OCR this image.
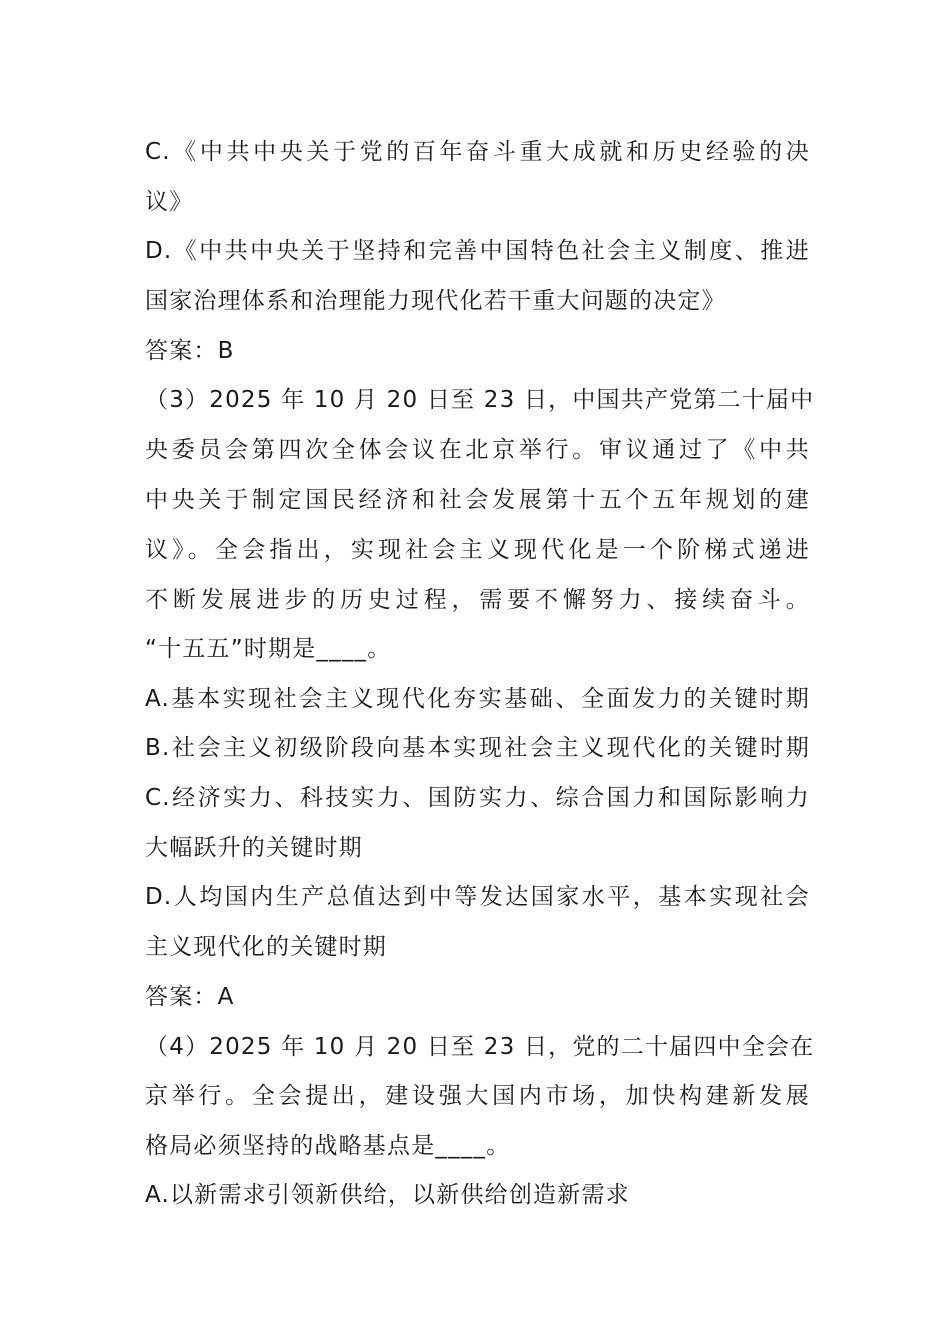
C.《中共中央关于党的百年奋斗重大成就和历史经验的决
议》
D.《中共中央关于坚持和完善中国特色社会主义制度、推进
国家治理体系和治理能力现代化若干重大问题的决定》
答案：B
（3）2025 年 10 月 20 日至 23 日，中国共产党第二十届中
央委员会第四次全体会议在北京举行。审议通过了《中共
中央关于制定国民经济和社会发展第十五个五年规划的建
议》。全会指出，实现社会主义现代化是一个阶梯式递进
不断发展进步的历史过程，需要不懈努力、接续奋斗。
“十五五”时期是____。
A.基本实现社会主义现代化夯实基础、全面发力的关键时期
B.社会主义初级阶段向基本实现社会主义现代化的关键时期
C.经济实力、科技实力、国防实力、综合国力和国际影响力
大幅跃升的关键时期
D.人均国内生产总值达到中等发达国家水平，基本实现社会
主义现代化的关键时期
答案：A
（4）2025 年 10 月 20 日至 23 日，党的二十届四中全会在
京举行。全会提出，建设强大国内市场，加快构建新发展
格局必须坚持的战略基点是____。
A.以新需求引领新供给，以新供给创造新需求
